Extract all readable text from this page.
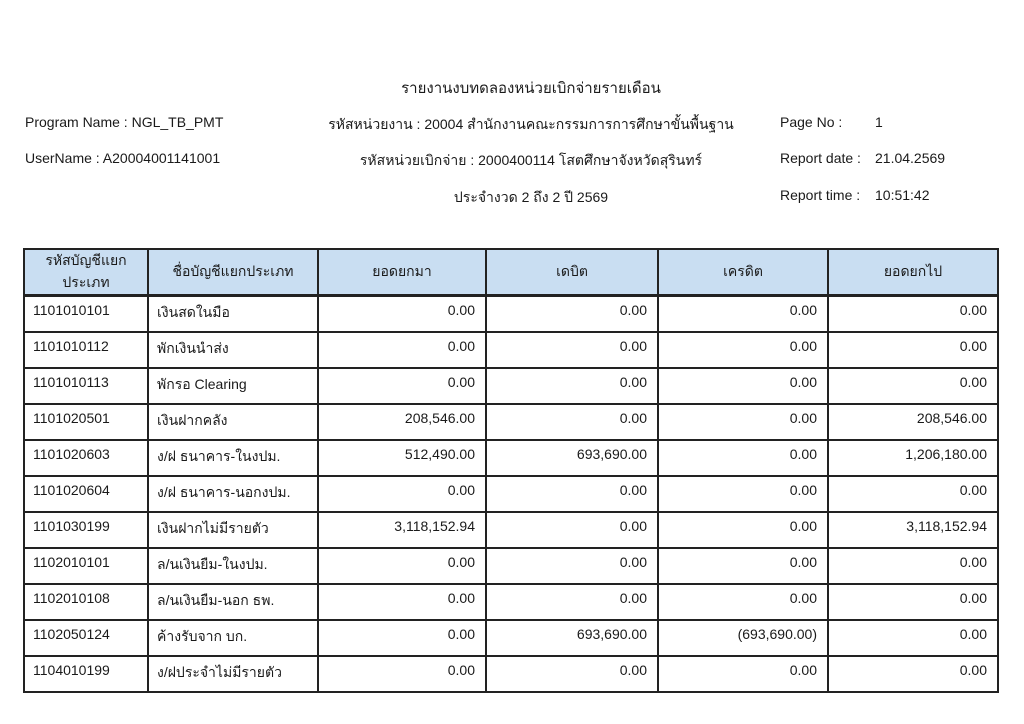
รายงานงบทดลองหน่วยเบิกจ่ายรายเดือน
Program Name : NGL_TB_PMT
UserName : A20004001141001
รหัสหน่วยงาน : 20004 สำนักงานคณะกรรมการการศึกษาขั้นพื้นฐาน
รหัสหน่วยเบิกจ่าย : 2000400114 โสตศึกษาจังหวัดสุรินทร์
ประจำงวด 2 ถึง 2 ปี 2569
Page No : 1
Report date : 21.04.2569
Report time : 10:51:42
รหัสบัญชีแยกประเภท	ชื่อบัญชีแยกประเภท	ยอดยกมา	เดบิต	เครดิต	ยอดยกไป
1101010101	เงินสดในมือ	0.00	0.00	0.00	0.00
1101010112	พักเงินนำส่ง	0.00	0.00	0.00	0.00
1101010113	พักรอ Clearing	0.00	0.00	0.00	0.00
1101020501	เงินฝากคลัง	208,546.00	0.00	0.00	208,546.00
1101020603	ง/ฝ ธนาคาร-ในงปม.	512,490.00	693,690.00	0.00	1,206,180.00
1101020604	ง/ฝ ธนาคาร-นอกงปม.	0.00	0.00	0.00	0.00
1101030199	เงินฝากไม่มีรายตัว	3,118,152.94	0.00	0.00	3,118,152.94
1102010101	ล/นเงินยืม-ในงปม.	0.00	0.00	0.00	0.00
1102010108	ล/นเงินยืม-นอก ธพ.	0.00	0.00	0.00	0.00
1102050124	ค้างรับจาก บก.	0.00	693,690.00	(693,690.00)	0.00
1104010199	ง/ฝประจำไม่มีรายตัว	0.00	0.00	0.00	0.00
